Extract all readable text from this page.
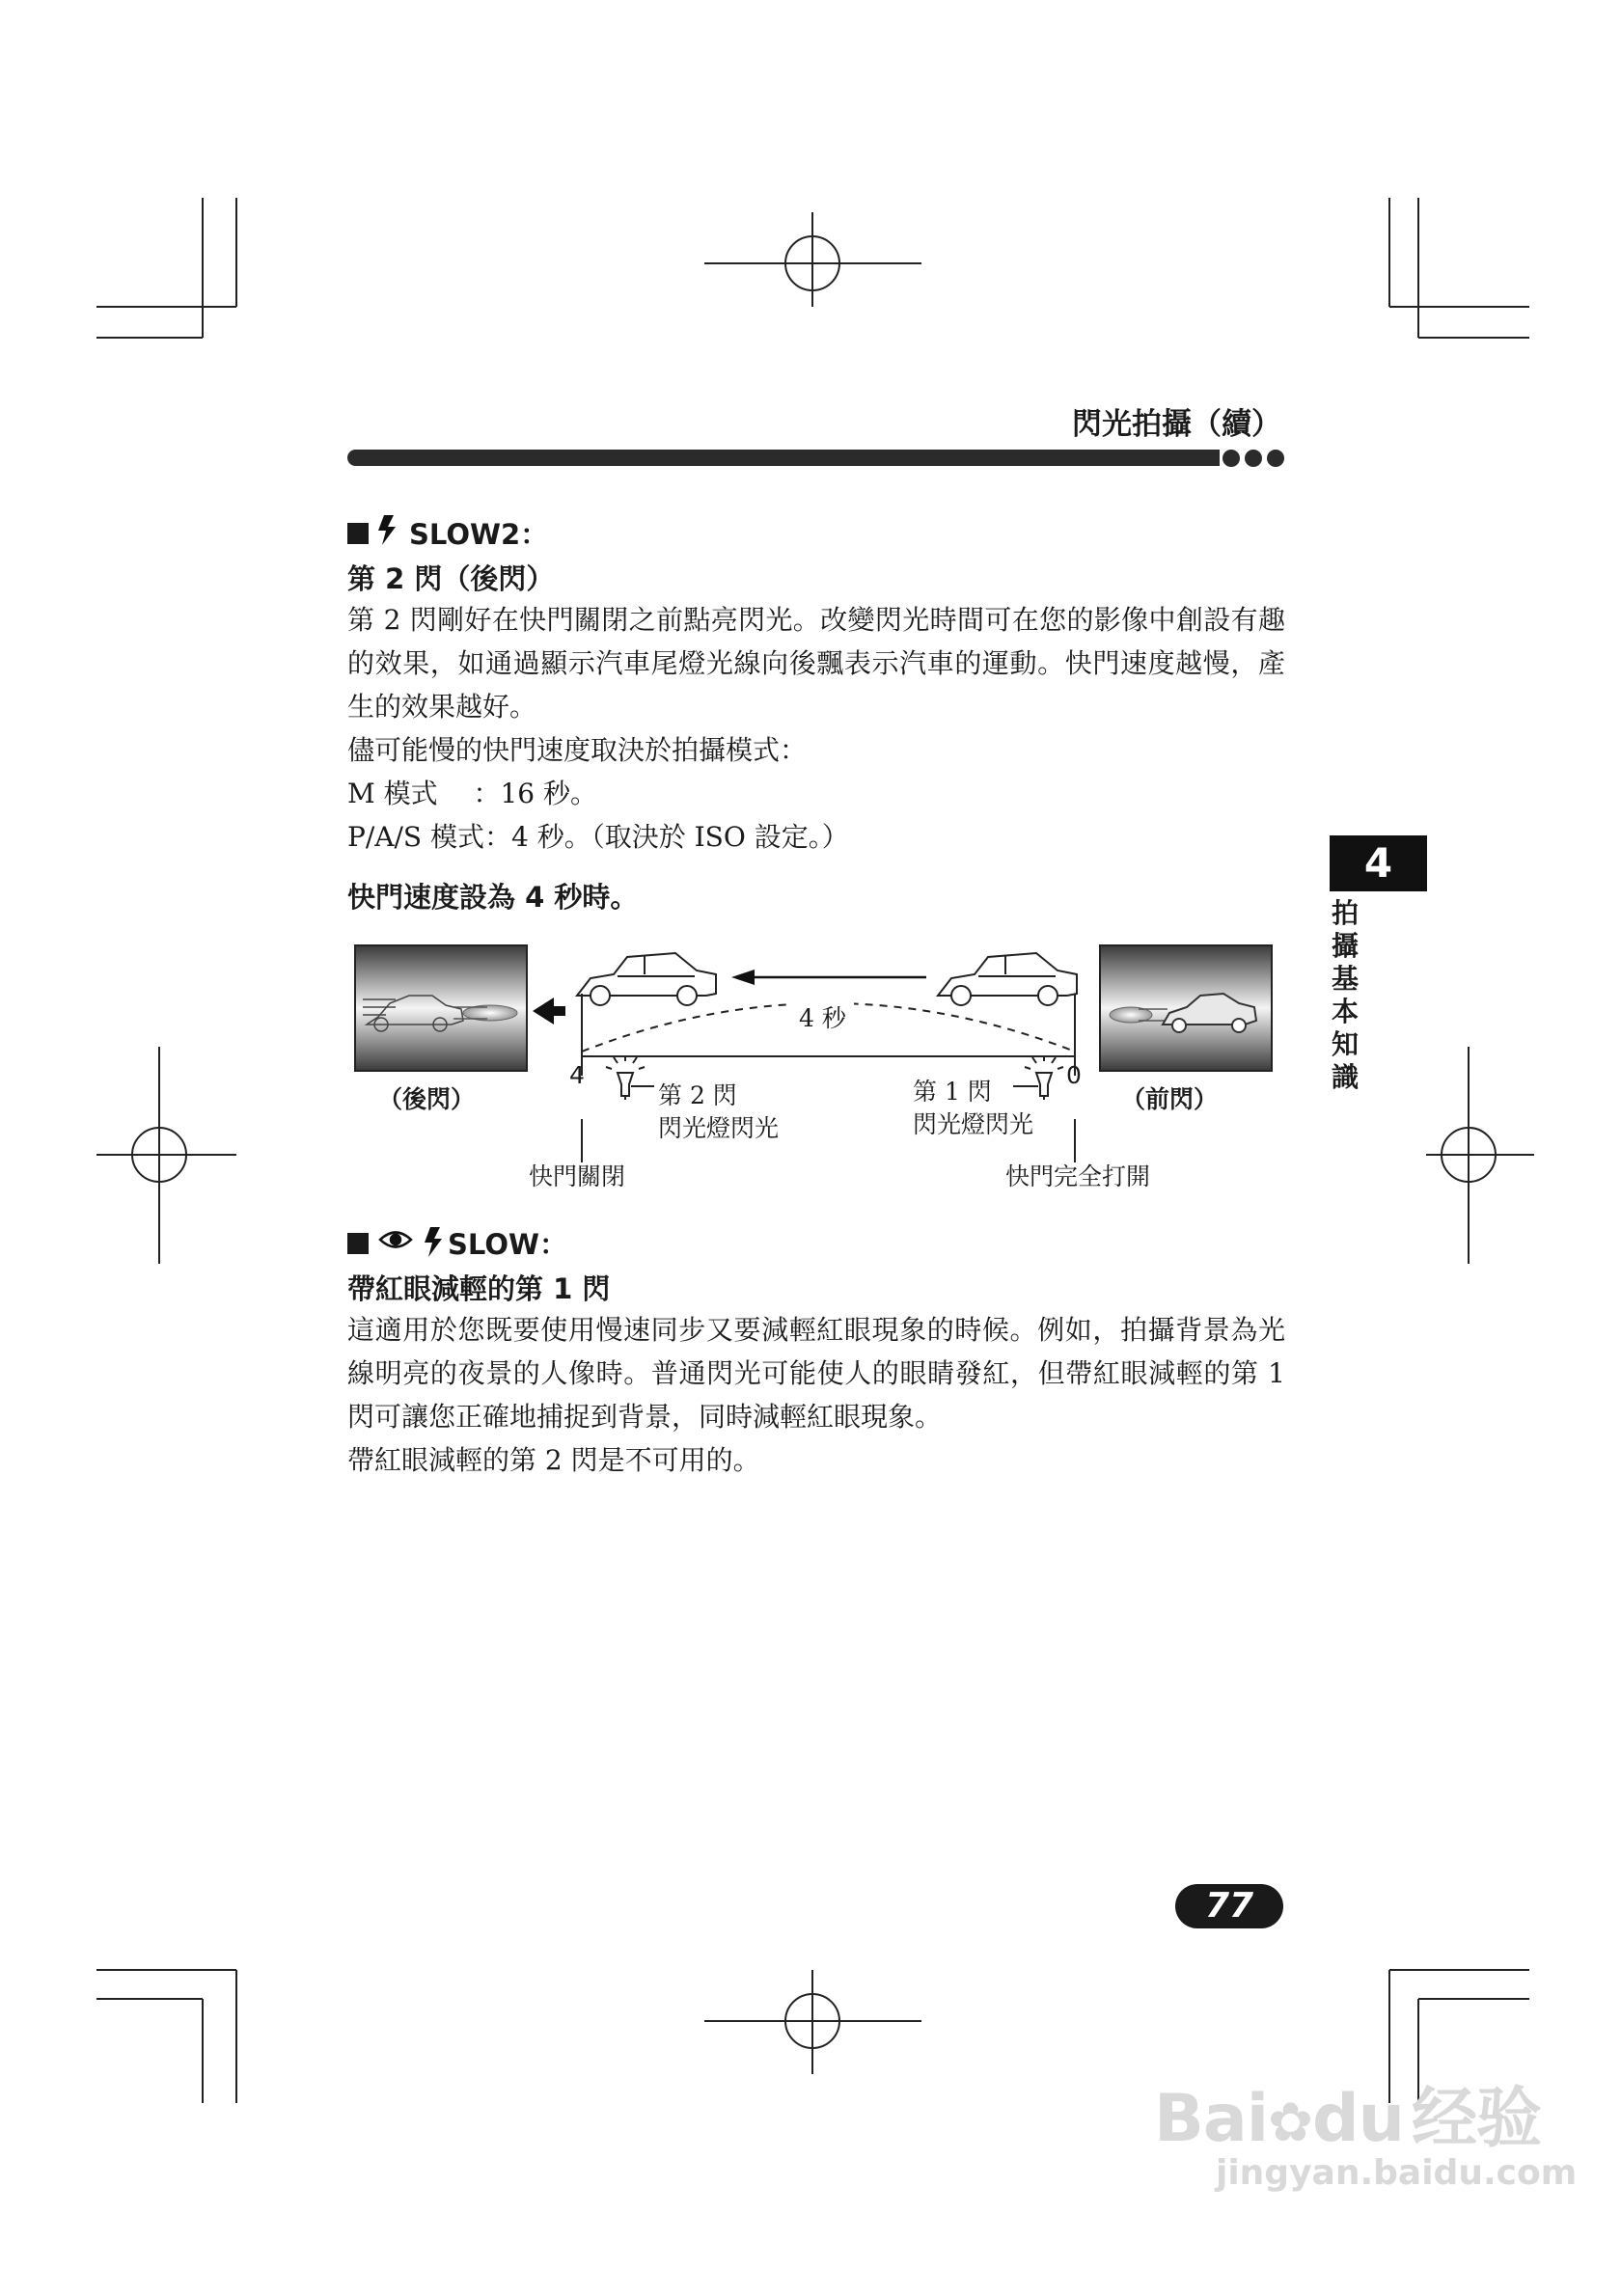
閃光拍攝（續）
4
拍攝基本知識
SLOW2：
第 2 閃（後閃）

第 2 閃剛好在快門關閉之前點亮閃光。改變閃光時間可在您的影像中創設有趣的效果，如通過顯示汽車尾燈光線向後飄表示汽車的運動。快門速度越慢，產生的效果越好。

儘可能慢的快門速度取決於拍攝模式：

M 模式　 ：16 秒。

P/A/S 模式：4 秒。（取決於 ISO 設定。）

快門速度設為 4 秒時。
4 秒
4	0
（後閃）	（前閃）
第 2 閃
閃光燈閃光
第 1 閃
閃光燈閃光
快門關閉	快門完全打開
SLOW：
帶紅眼減輕的第 1 閃

這適用於您既要使用慢速同步又要減輕紅眼現象的時候。例如，拍攝背景為光線明亮的夜景的人像時。普通閃光可能使人的眼睛發紅，但帶紅眼減輕的第 1 閃可讓您正確地捕捉到背景，同時減輕紅眼現象。

帶紅眼減輕的第 2 閃是不可用的。

77
Bai✿du 经验
jingyan.baidu.com
